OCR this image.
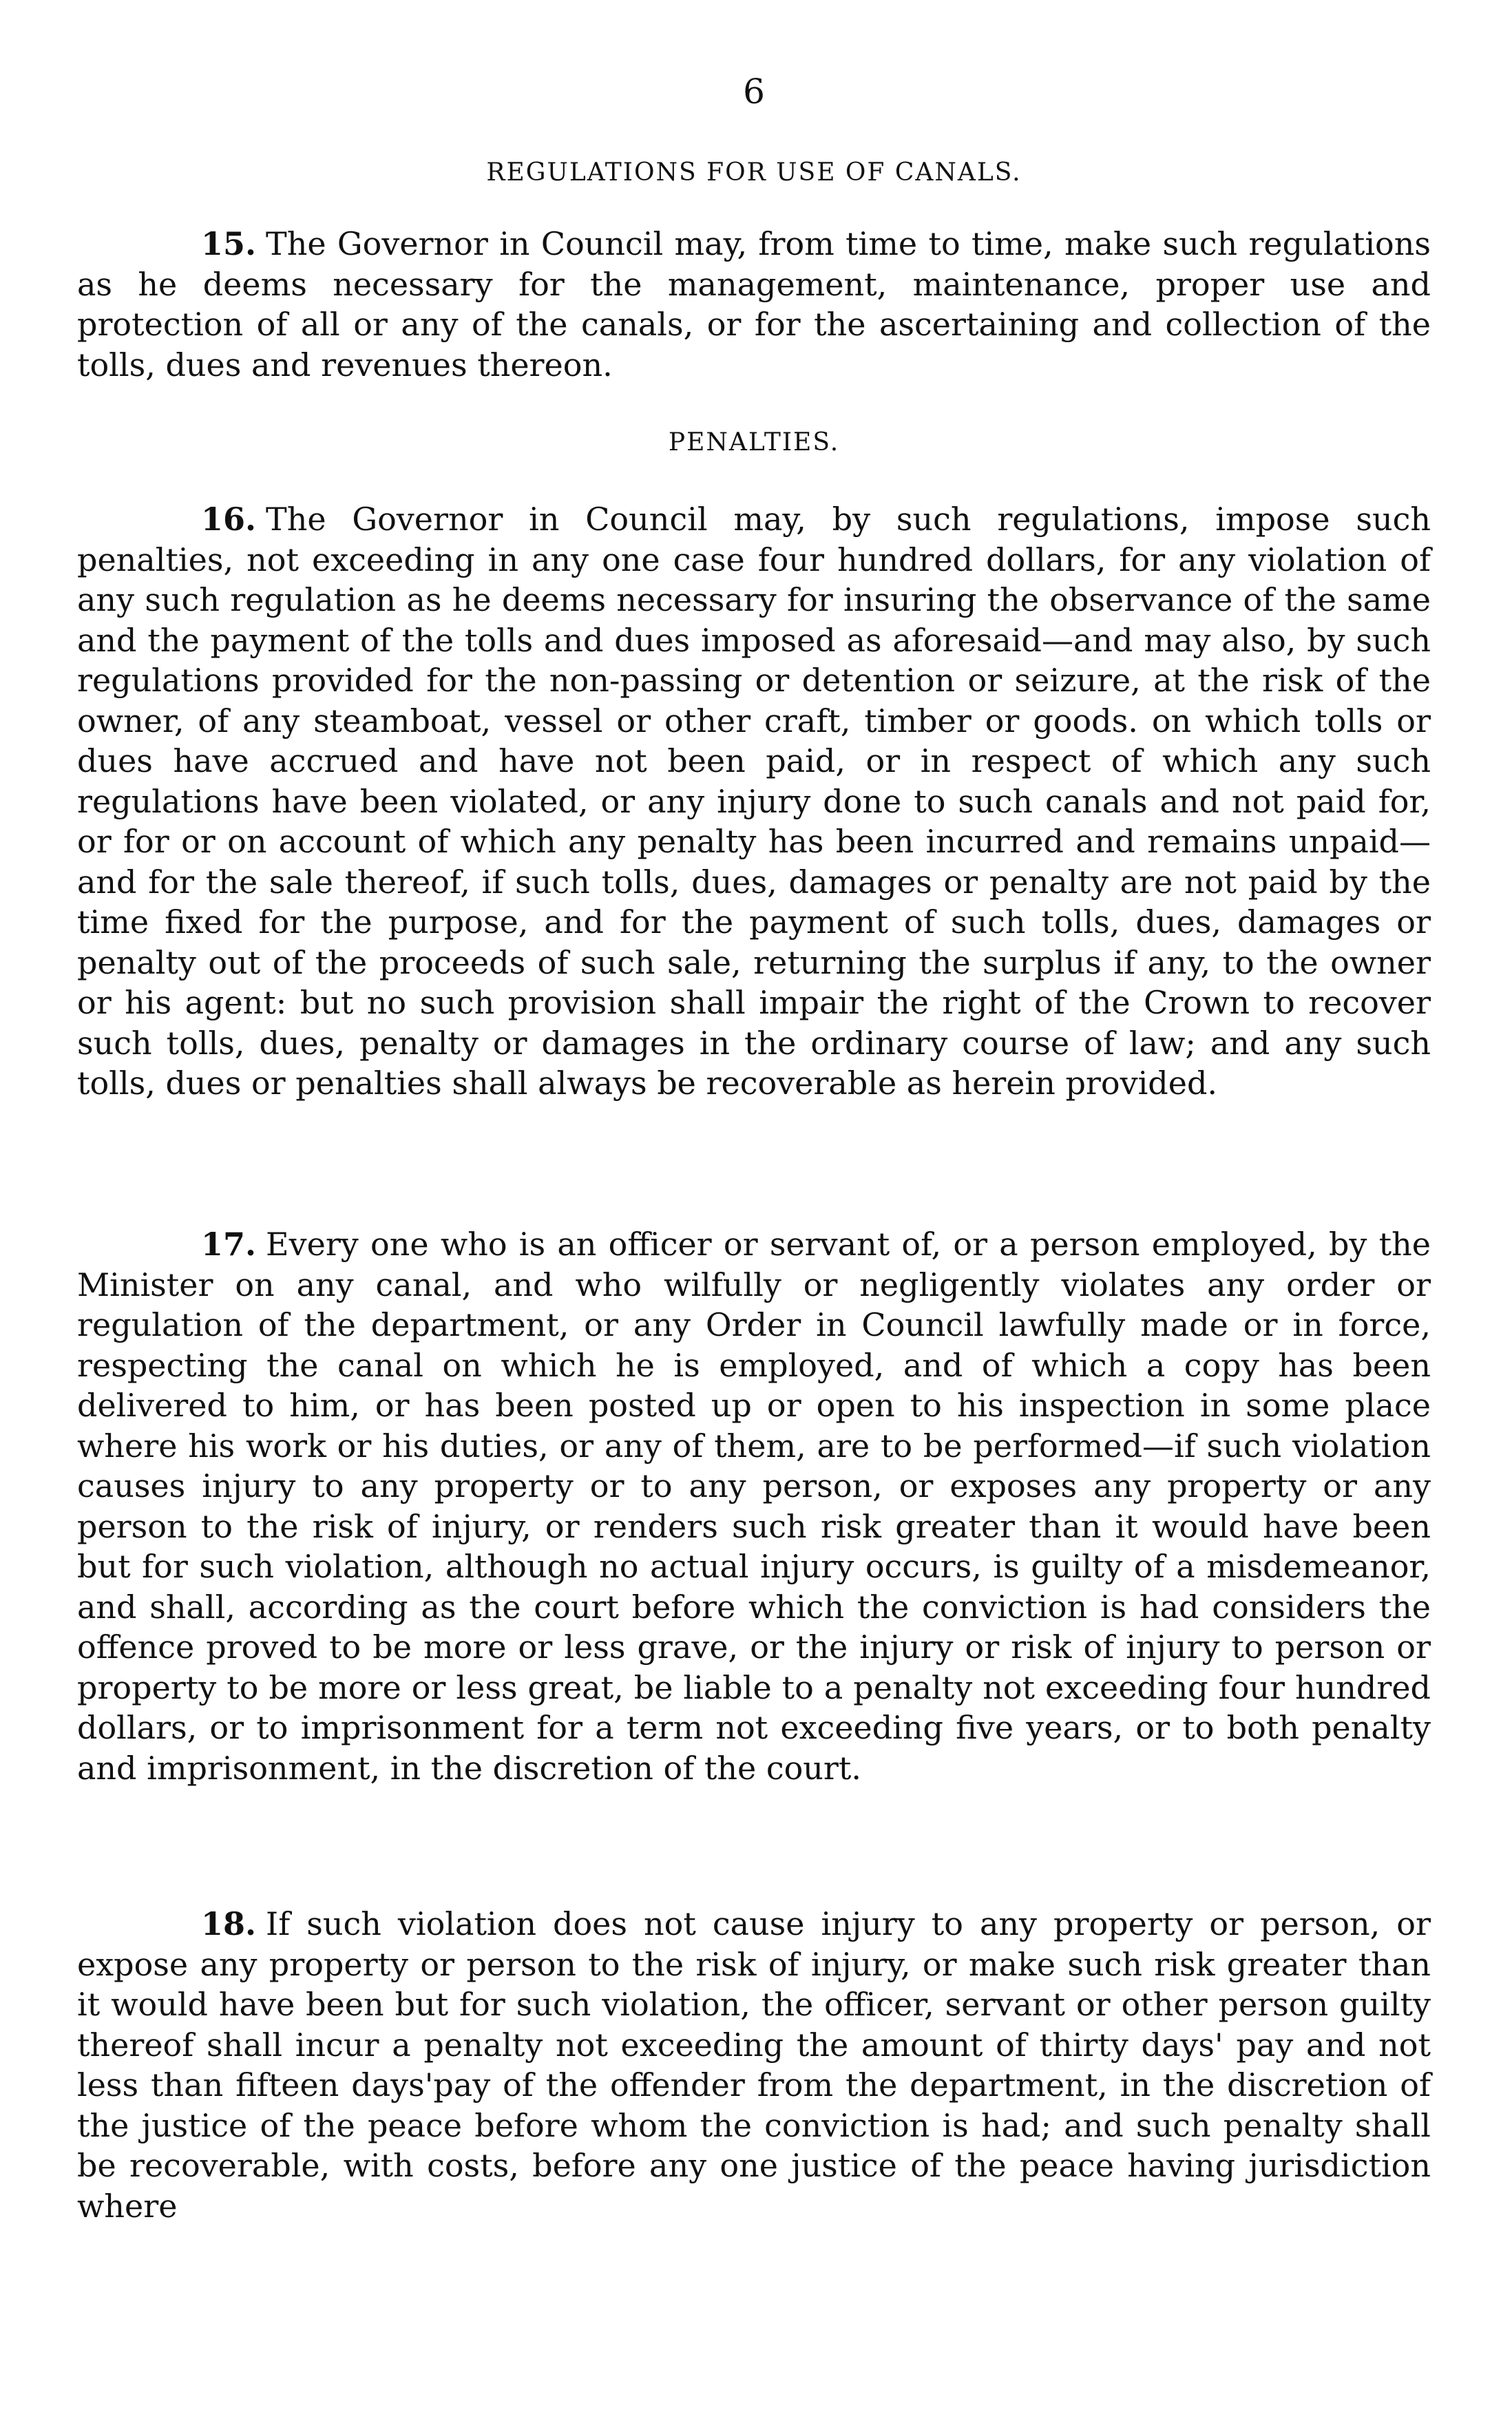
6
REGULATIONS FOR USE OF CANALS.

15. The Governor in Council may, from time to time, make such regulations as he deems necessary for the management, maintenance, proper use and protection of all or any of the canals, or for the ascertaining and collection of the tolls, dues and revenues thereon.

PENALTIES.

16. The Governor in Council may, by such regulations, impose such penalties, not exceeding in any one case four hundred dollars, for any violation of any such regulation as he deems necessary for insuring the observance of the same and the payment of the tolls and dues imposed as aforesaid—and may also, by such regulations provided for the non-passing or detention or seizure, at the risk of the owner, of any steamboat, vessel or other craft, timber or goods. on which tolls or dues have accrued and have not been paid, or in respect of which any such regulations have been violated, or any injury done to such canals and not paid for, or for or on account of which any penalty has been incurred and remains unpaid—and for the sale thereof, if such tolls, dues, damages or penalty are not paid by the time fixed for the purpose, and for the payment of such tolls, dues, damages or penalty out of the proceeds of such sale, returning the surplus if any, to the owner or his agent: but no such provision shall impair the right of the Crown to recover such tolls, dues, penalty or damages in the ordinary course of law; and any such tolls, dues or penalties shall always be recoverable as herein provided.

17. Every one who is an officer or servant of, or a person employed, by the Minister on any canal, and who wilfully or negligently violates any order or regulation of the department, or any Order in Council lawfully made or in force, respecting the canal on which he is employed, and of which a copy has been delivered to him, or has been posted up or open to his inspection in some place where his work or his duties, or any of them, are to be performed—if such violation causes injury to any property or to any person, or exposes any property or any person to the risk of injury, or renders such risk greater than it would have been but for such violation, although no actual injury occurs, is guilty of a misdemeanor, and shall, according as the court before which the conviction is had considers the offence proved to be more or less grave, or the injury or risk of injury to person or property to be more or less great, be liable to a penalty not exceeding four hundred dollars, or to imprisonment for a term not exceeding five years, or to both penalty and imprisonment, in the discretion of the court.

18. If such violation does not cause injury to any property or person, or expose any property or person to the risk of injury, or make such risk greater than it would have been but for such violation, the officer, servant or other person guilty thereof shall incur a penalty not exceeding the amount of thirty days' pay and not less than fifteen days'pay of the offender from the department, in the discretion of the justice of the peace before whom the conviction is had; and such penalty shall be recoverable, with costs, before any one justice of the peace having jurisdiction where
